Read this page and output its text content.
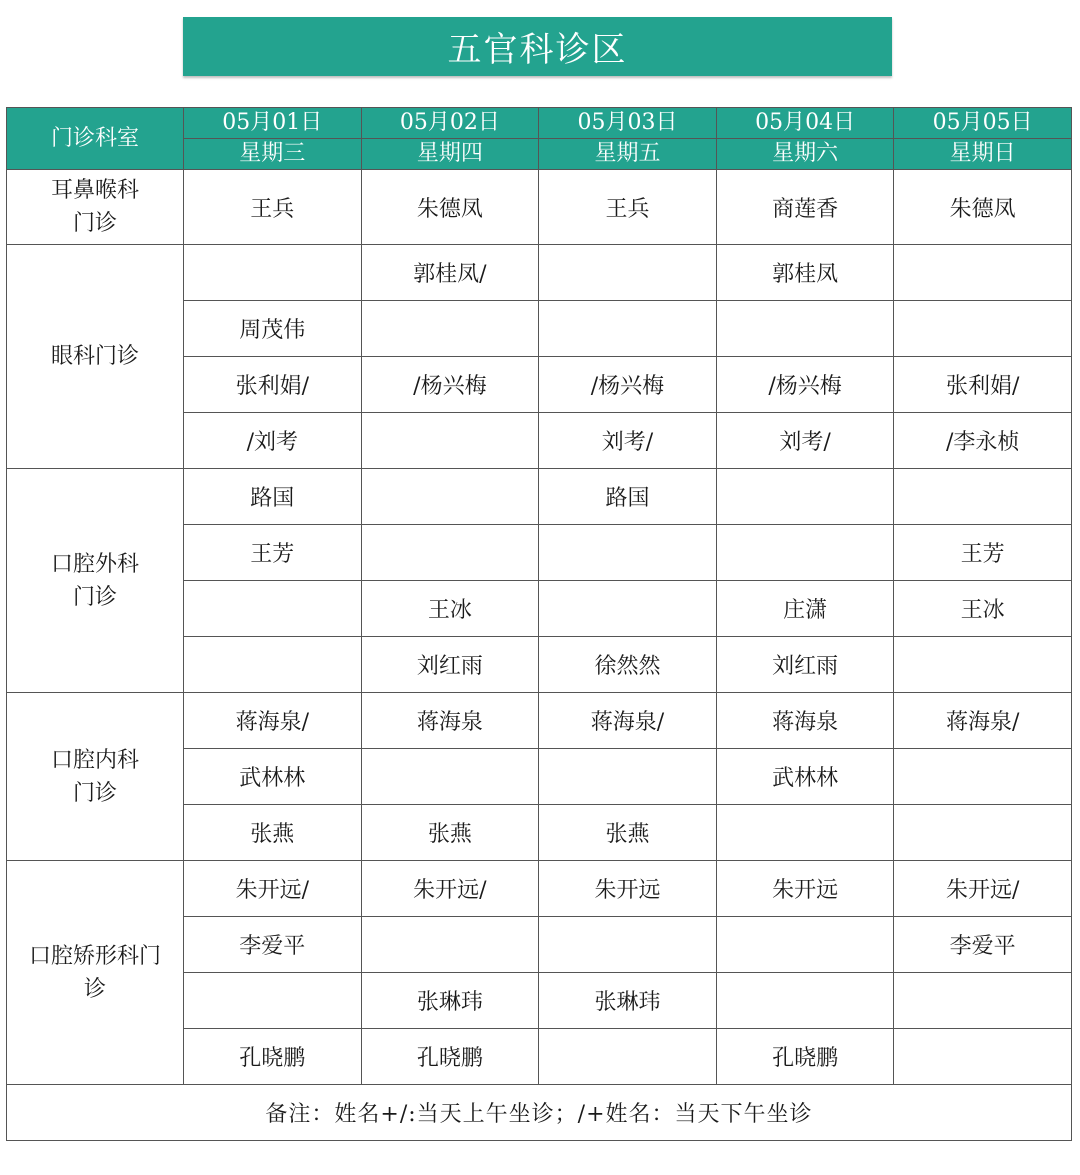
五官科诊区
门诊科室	05月01日	05月02日	05月03日	05月04日	05月05日
	星期三	星期四	星期五	星期六	星期日
耳鼻喉科
门诊	王兵	朱德凤	王兵	商莲香	朱德凤
眼科门诊		郭桂凤/		郭桂凤	
	周茂伟				
	张利娟/	/杨兴梅	/杨兴梅	/杨兴梅	张利娟/
	/刘考		刘考/	刘考/	/李永桢
口腔外科
门诊	路国		路国		
	王芳				王芳
		王冰		庄潇	王冰
		刘红雨	徐然然	刘红雨	
口腔内科
门诊	蒋海泉/	蒋海泉	蒋海泉/	蒋海泉	蒋海泉/
	武林林			武林林	
	张燕	张燕	张燕		
口腔矫形科门
诊	朱开远/	朱开远/	朱开远	朱开远	朱开远/
	李爱平				李爱平
		张琳玮	张琳玮		
	孔晓鹏	孔晓鹏		孔晓鹏	
备注：姓名+/:当天上午坐诊；/+姓名：当天下午坐诊					
